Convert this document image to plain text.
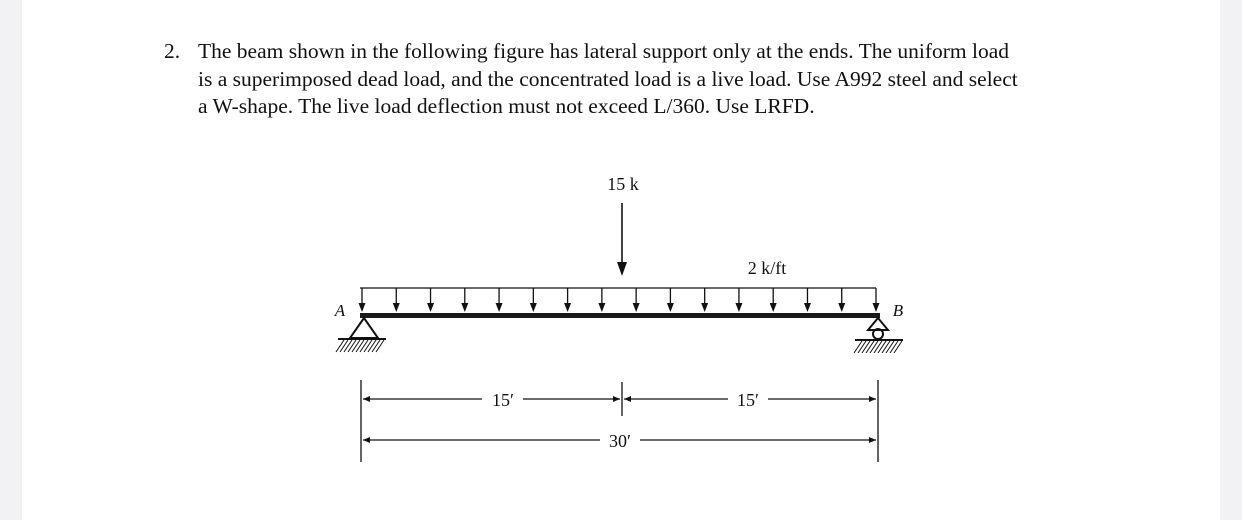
2. The beam shown in the following figure has lateral support only at the ends. The uniform load
is a superimposed dead load, and the concentrated load is a live load. Use A992 steel and select
a W-shape. The live load deflection must not exceed L/360. Use LRFD.
15 k
2 k/ft
A	B
15′	15′
30′
